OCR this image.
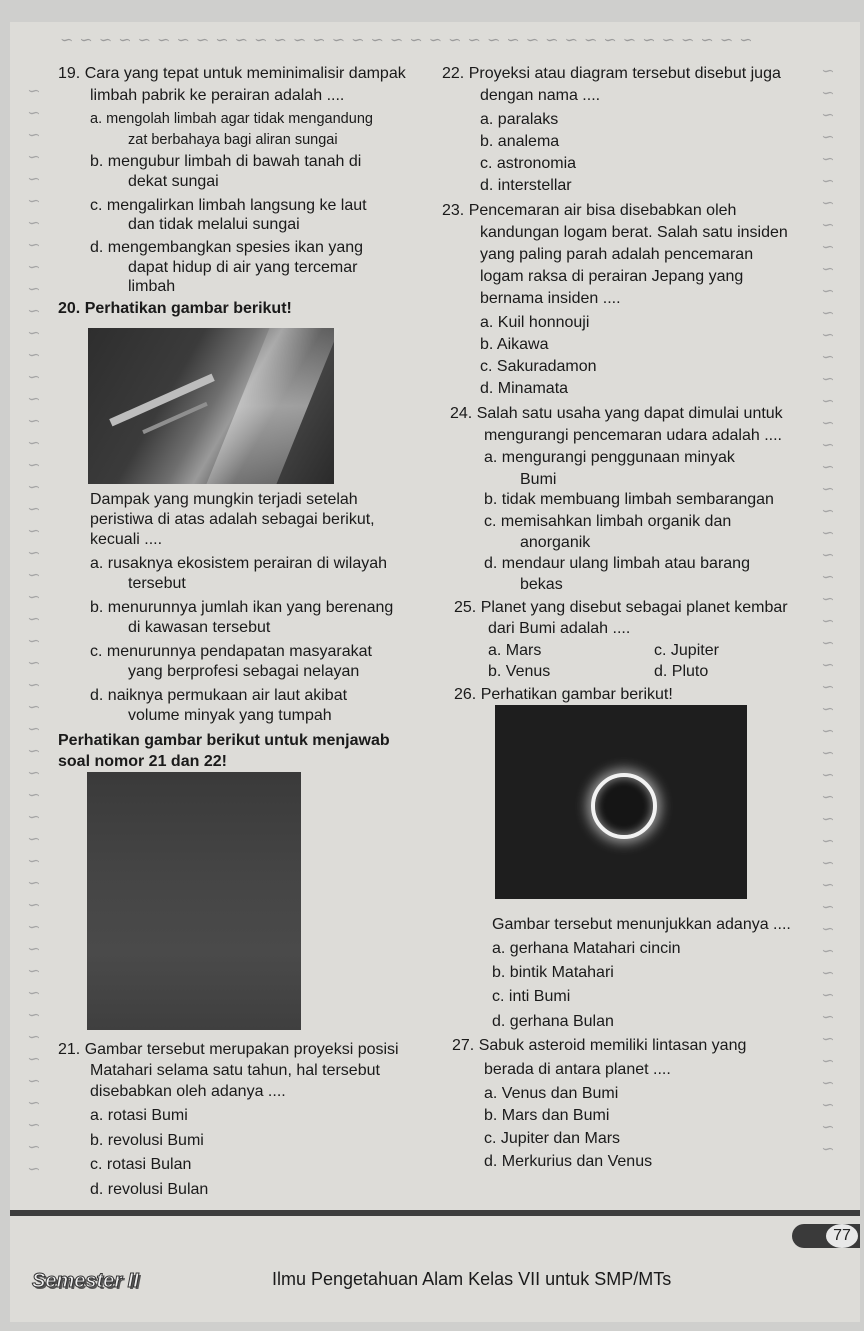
∽∽∽∽∽∽∽∽∽∽∽∽∽∽∽∽∽∽∽∽∽∽∽∽∽∽∽∽∽∽∽∽∽∽∽∽
∽
∽
∽
∽
∽
∽
∽
∽
∽
∽
∽
∽
∽
∽
∽
∽
∽
∽
∽
∽
∽
∽
∽
∽
∽
∽
∽
∽
∽
∽
∽
∽
∽
∽
∽
∽
∽
∽
∽
∽
∽
∽
∽
∽
∽
∽
∽
∽
∽
∽
∽
∽
∽
∽
∽
∽
∽
∽
∽
∽
∽
∽
∽
∽
∽
∽
∽
∽
∽
∽
∽
∽
∽
∽
∽
∽
∽
∽
∽
∽
∽
∽
∽
∽
∽
∽
∽
∽
∽
∽
∽
∽
∽
∽
∽
∽
∽
∽
∽
∽
19. Cara yang tepat untuk meminimalisir dampak
limbah pabrik ke perairan adalah ....
a. mengolah limbah agar tidak mengandung
zat berbahaya bagi aliran sungai
b. mengubur limbah di bawah tanah di
dekat sungai
c. mengalirkan limbah langsung ke laut
dan tidak melalui sungai
d. mengembangkan spesies ikan yang
dapat hidup di air yang tercemar
limbah
20. Perhatikan gambar berikut!
Dampak yang mungkin terjadi setelah
peristiwa di atas adalah sebagai berikut,
kecuali ....
a. rusaknya ekosistem perairan di wilayah
tersebut
b. menurunnya jumlah ikan yang berenang
di kawasan tersebut
c. menurunnya pendapatan masyarakat
yang berprofesi sebagai nelayan
d. naiknya permukaan air laut akibat
volume minyak yang tumpah
Perhatikan gambar berikut untuk menjawab
soal nomor 21 dan 22!
21. Gambar tersebut merupakan proyeksi posisi
Matahari selama satu tahun, hal tersebut
disebabkan oleh adanya ....
a. rotasi Bumi
b. revolusi Bumi
c. rotasi Bulan
d. revolusi Bulan
22. Proyeksi atau diagram tersebut disebut juga
dengan nama ....
a. paralaks
b. analema
c. astronomia
d. interstellar
23. Pencemaran air bisa disebabkan oleh
kandungan logam berat. Salah satu insiden
yang paling parah adalah pencemaran
logam raksa di perairan Jepang yang
bernama insiden ....
a. Kuil honnouji
b. Aikawa
c. Sakuradamon
d. Minamata
24. Salah satu usaha yang dapat dimulai untuk
mengurangi pencemaran udara adalah ....
a. mengurangi penggunaan minyak
Bumi
b. tidak membuang limbah sembarangan
c. memisahkan limbah organik dan
anorganik
d. mendaur ulang limbah atau barang
bekas
25. Planet yang disebut sebagai planet kembar
dari Bumi adalah ....
a. Mars
b. Venus
c. Jupiter
d. Pluto
26. Perhatikan gambar berikut!
Gambar tersebut menunjukkan adanya ....
a. gerhana Matahari cincin
b. bintik Matahari
c. inti Bumi
d. gerhana Bulan
27. Sabuk asteroid memiliki lintasan yang
berada di antara planet ....
a. Venus dan Bumi
b. Mars dan Bumi
c. Jupiter dan Mars
d. Merkurius dan Venus
77
Semester II	Ilmu Pengetahuan Alam Kelas VII untuk SMP/MTs
